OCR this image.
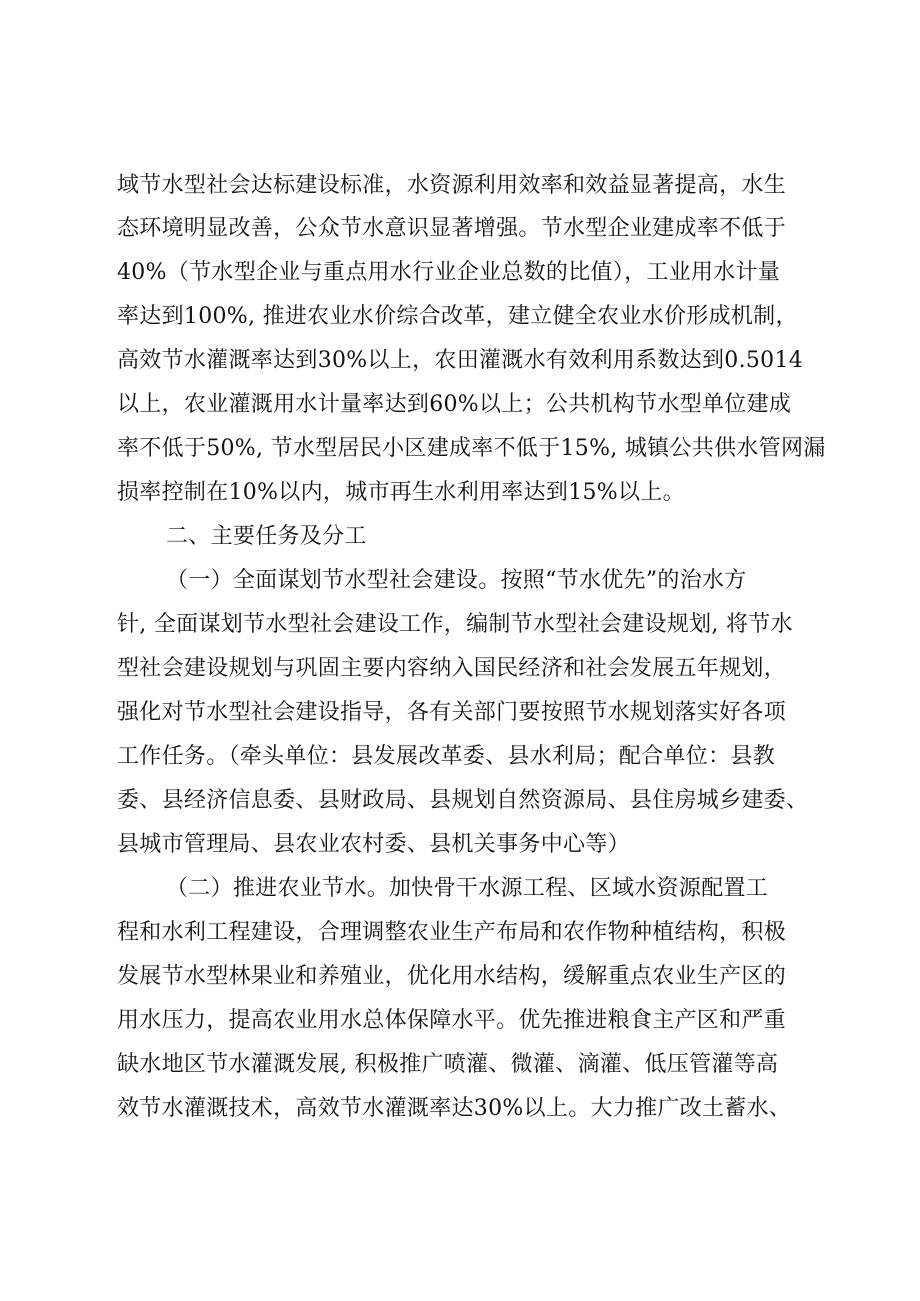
域节水型社会达标建设标准，水资源利用效率和效益显著提高，水生
态环境明显改善，公众节水意识显著增强。节水型企业建成率不低于
40%（节水型企业与重点用水行业企业总数的比值），工业用水计量
率达到100%, 推进农业水价综合改革，建立健全农业水价形成机制，
高效节水灌溉率达到30%以上，农田灌溉水有效利用系数达到0.5014
以上，农业灌溉用水计量率达到60%以上；公共机构节水型单位建成
率不低于50%, 节水型居民小区建成率不低于15%, 城镇公共供水管网漏
损率控制在10%以内，城市再生水利用率达到15%以上。
二、主要任务及分工
（一）全面谋划节水型社会建设。按照“节水优先”的治水方
针, 全面谋划节水型社会建设工作，编制节水型社会建设规划, 将节水
型社会建设规划与巩固主要内容纳入国民经济和社会发展五年规划，
强化对节水型社会建设指导，各有关部门要按照节水规划落实好各项
工作任务。（牵头单位：县发展改革委、县水利局；配合单位：县教
委、县经济信息委、县财政局、县规划自然资源局、县住房城乡建委、
县城市管理局、县农业农村委、县机关事务中心等）
（二）推进农业节水。加快骨干水源工程、区域水资源配置工
程和水利工程建设，合理调整农业生产布局和农作物种植结构，积极
发展节水型林果业和养殖业，优化用水结构，缓解重点农业生产区的
用水压力，提高农业用水总体保障水平。优先推进粮食主产区和严重
缺水地区节水灌溉发展, 积极推广喷灌、微灌、滴灌、低压管灌等高
效节水灌溉技术，高效节水灌溉率达30%以上。大力推广改土蓄水、
